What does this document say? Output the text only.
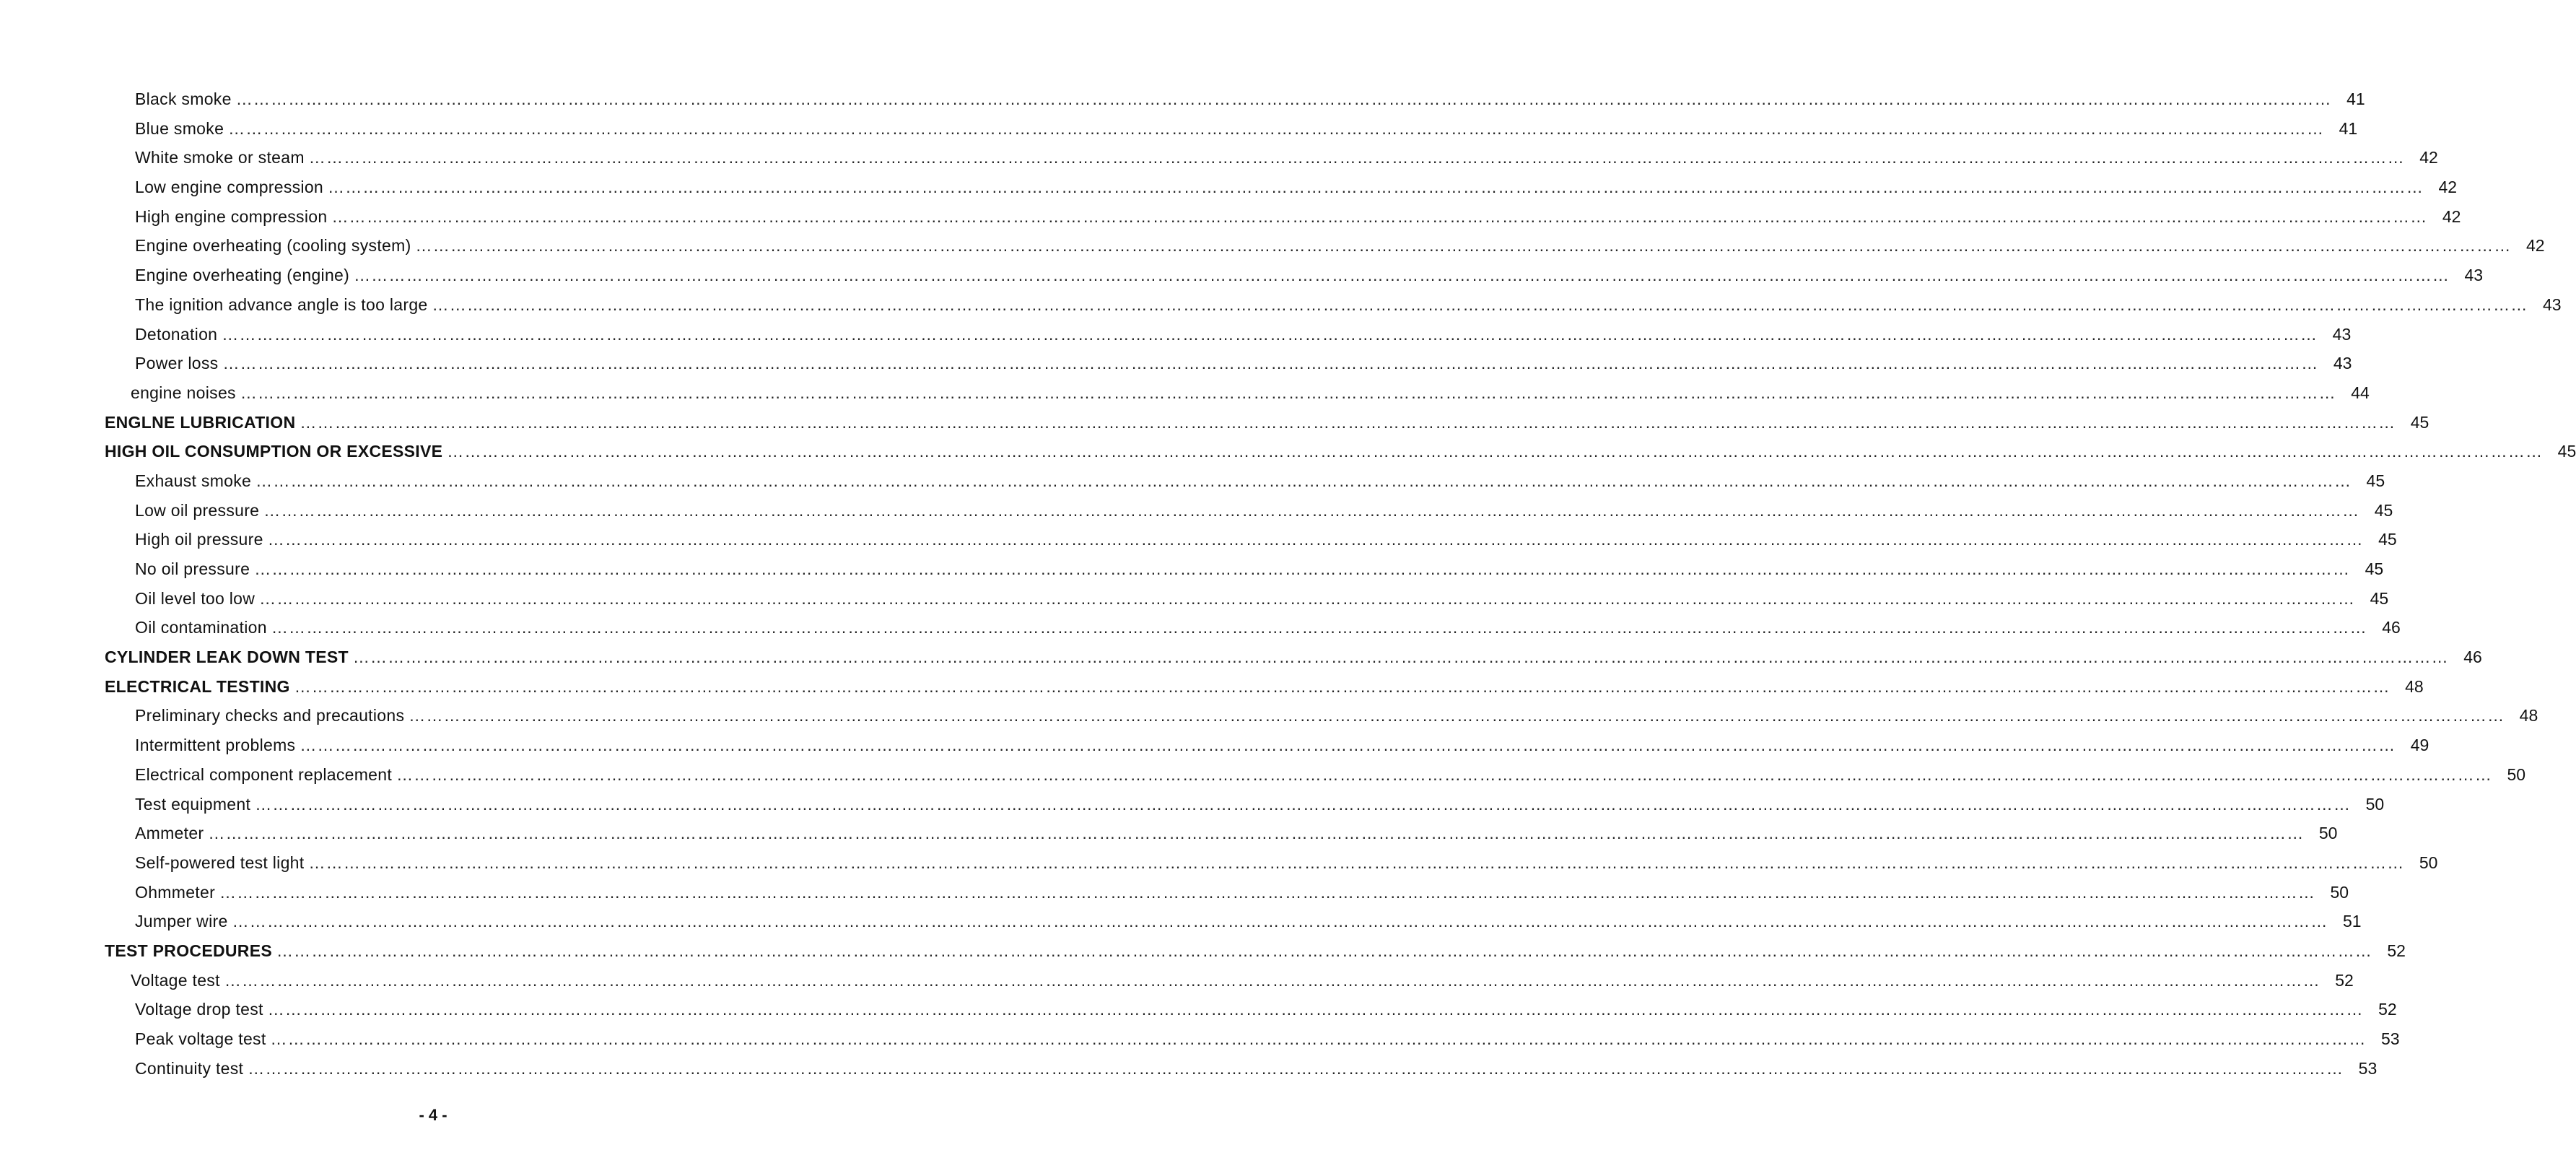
Black smoke ……………………………………………………………………………………………………………………………………………………………………………………………………………………………………………………………………………………………………………………………… 41
Blue smoke ……………………………………………………………………………………………………………………………………………………………………………………………………………………………………………………………………………………………………………………………… 41
White smoke or steam ……………………………………………………………………………………………………………………………………………………………………………………………………………………………………………………………………………………………………………………………… 42
Low engine compression ……………………………………………………………………………………………………………………………………………………………………………………………………………………………………………………………………………………………………………………………… 42
High engine compression ……………………………………………………………………………………………………………………………………………………………………………………………………………………………………………………………………………………………………………………………… 42
Engine overheating (cooling system) ……………………………………………………………………………………………………………………………………………………………………………………………………………………………………………………………………………………………………………………………… 42
Engine overheating (engine) ……………………………………………………………………………………………………………………………………………………………………………………………………………………………………………………………………………………………………………………………… 43
The ignition advance angle is too large ……………………………………………………………………………………………………………………………………………………………………………………………………………………………………………………………………………………………………………………………… 43
Detonation ……………………………………………………………………………………………………………………………………………………………………………………………………………………………………………………………………………………………………………………………… 43
Power loss ……………………………………………………………………………………………………………………………………………………………………………………………………………………………………………………………………………………………………………………………… 43
engine noises ……………………………………………………………………………………………………………………………………………………………………………………………………………………………………………………………………………………………………………………………… 44
ENGLNE LUBRICATION ……………………………………………………………………………………………………………………………………………………………………………………………………………………………………………………………………………………………………………………………… 45
HIGH OIL CONSUMPTION OR EXCESSIVE ……………………………………………………………………………………………………………………………………………………………………………………………………………………………………………………………………………………………………………………………… 45
Exhaust smoke ……………………………………………………………………………………………………………………………………………………………………………………………………………………………………………………………………………………………………………………………… 45
Low oil pressure ……………………………………………………………………………………………………………………………………………………………………………………………………………………………………………………………………………………………………………………………… 45
High oil pressure ……………………………………………………………………………………………………………………………………………………………………………………………………………………………………………………………………………………………………………………………… 45
No oil pressure ……………………………………………………………………………………………………………………………………………………………………………………………………………………………………………………………………………………………………………………………… 45
Oil level too low ……………………………………………………………………………………………………………………………………………………………………………………………………………………………………………………………………………………………………………………………… 45
Oil contamination ……………………………………………………………………………………………………………………………………………………………………………………………………………………………………………………………………………………………………………………………… 46
CYLINDER LEAK DOWN TEST ……………………………………………………………………………………………………………………………………………………………………………………………………………………………………………………………………………………………………………………………… 46
ELECTRICAL TESTING ……………………………………………………………………………………………………………………………………………………………………………………………………………………………………………………………………………………………………………………………… 48
Preliminary checks and precautions ……………………………………………………………………………………………………………………………………………………………………………………………………………………………………………………………………………………………………………………………… 48
Intermittent problems ……………………………………………………………………………………………………………………………………………………………………………………………………………………………………………………………………………………………………………………………… 49
Electrical component replacement ……………………………………………………………………………………………………………………………………………………………………………………………………………………………………………………………………………………………………………………………… 50
Test equipment ……………………………………………………………………………………………………………………………………………………………………………………………………………………………………………………………………………………………………………………………… 50
Ammeter ……………………………………………………………………………………………………………………………………………………………………………………………………………………………………………………………………………………………………………………………… 50
Self-powered test light ……………………………………………………………………………………………………………………………………………………………………………………………………………………………………………………………………………………………………………………………… 50
Ohmmeter ……………………………………………………………………………………………………………………………………………………………………………………………………………………………………………………………………………………………………………………………… 50
Jumper wire ……………………………………………………………………………………………………………………………………………………………………………………………………………………………………………………………………………………………………………………………… 51
TEST PROCEDURES ……………………………………………………………………………………………………………………………………………………………………………………………………………………………………………………………………………………………………………………………… 52
Voltage test ……………………………………………………………………………………………………………………………………………………………………………………………………………………………………………………………………………………………………………………………… 52
Voltage drop test ……………………………………………………………………………………………………………………………………………………………………………………………………………………………………………………………………………………………………………………………… 52
Peak voltage test ……………………………………………………………………………………………………………………………………………………………………………………………………………………………………………………………………………………………………………………………… 53
Continuity test ……………………………………………………………………………………………………………………………………………………………………………………………………………………………………………………………………………………………………………………………… 53
- 4 -
